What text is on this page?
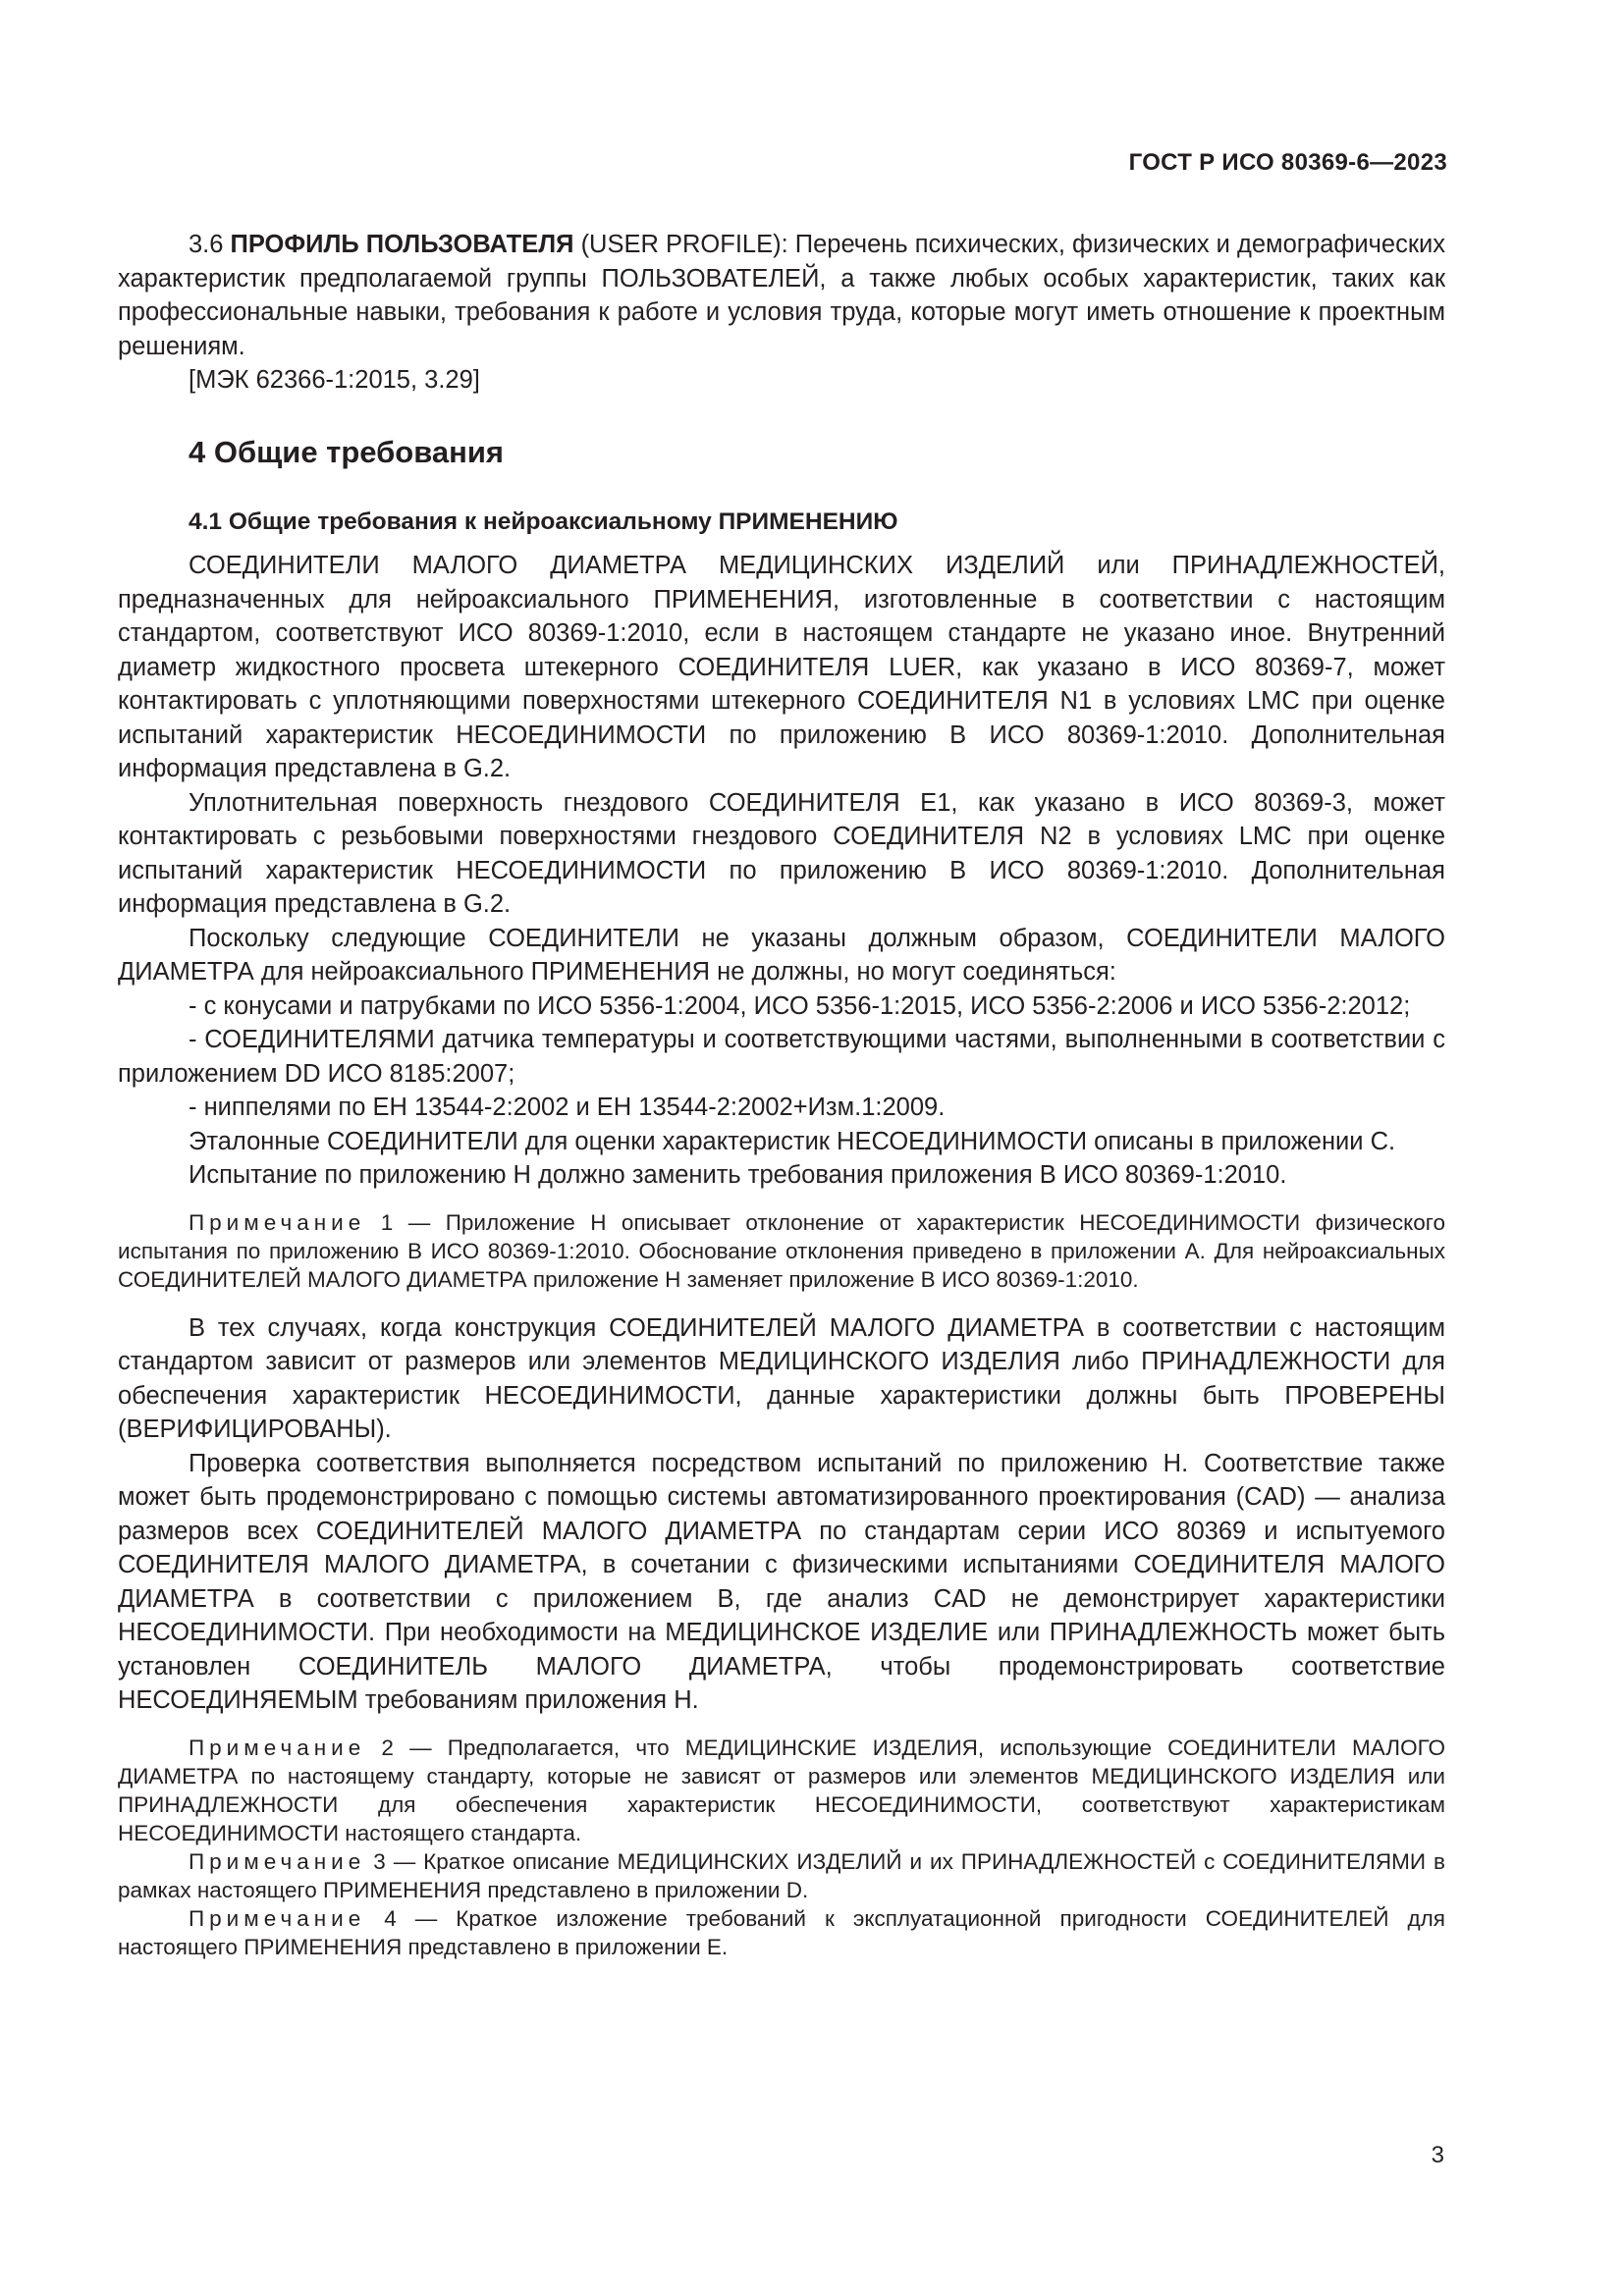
ГОСТ Р ИСО 80369-6—2023

3.6 ПРОФИЛЬ ПОЛЬЗОВАТЕЛЯ (USER PROFILE): Перечень психических, физических и демографических характеристик предполагаемой группы ПОЛЬЗОВАТЕЛЕЙ, а также любых особых характеристик, таких как профессиональные навыки, требования к работе и условия труда, которые могут иметь отношение к проектным решениям.

[МЭК 62366-1:2015, 3.29]

4 Общие требования
4.1 Общие требования к нейроаксиальному ПРИМЕНЕНИЮ

СОЕДИНИТЕЛИ МАЛОГО ДИАМЕТРА МЕДИЦИНСКИХ ИЗДЕЛИЙ или ПРИНАДЛЕЖНОСТЕЙ, предназначенных для нейроаксиального ПРИМЕНЕНИЯ, изготовленные в соответствии с настоящим стандартом, соответствуют ИСО 80369-1:2010, если в настоящем стандарте не указано иное. Внутренний диаметр жидкостного просвета штекерного СОЕДИНИТЕЛЯ LUER, как указано в ИСО 80369-7, может контактировать с уплотняющими поверхностями штекерного СОЕДИНИТЕЛЯ N1 в условиях LMC при оценке испытаний характеристик НЕСОЕДИНИМОСТИ по приложению В ИСО 80369-1:2010. Дополнительная информация представлена в G.2.

Уплотнительная поверхность гнездового СОЕДИНИТЕЛЯ E1, как указано в ИСО 80369-3, может контактировать с резьбовыми поверхностями гнездового СОЕДИНИТЕЛЯ N2 в условиях LMC при оценке испытаний характеристик НЕСОЕДИНИМОСТИ по приложению В ИСО 80369-1:2010. Дополнительная информация представлена в G.2.

Поскольку следующие СОЕДИНИТЕЛИ не указаны должным образом, СОЕДИНИТЕЛИ МАЛОГО ДИАМЕТРА для нейроаксиального ПРИМЕНЕНИЯ не должны, но могут соединяться:

- с конусами и патрубками по ИСО 5356-1:2004, ИСО 5356-1:2015, ИСО 5356-2:2006 и ИСО 5356-2:2012;

- СОЕДИНИТЕЛЯМИ датчика температуры и соответствующими частями, выполненными в соответствии с приложением DD ИСО 8185:2007;

- ниппелями по ЕН 13544-2:2002 и ЕН 13544-2:2002+Изм.1:2009.

Эталонные СОЕДИНИТЕЛИ для оценки характеристик НЕСОЕДИНИМОСТИ описаны в приложении С.

Испытание по приложению Н должно заменить требования приложения В ИСО 80369-1:2010.

Примечание 1 — Приложение Н описывает отклонение от характеристик НЕСОЕДИНИМОСТИ физического испытания по приложению В ИСО 80369-1:2010. Обоснование отклонения приведено в приложении А. Для нейроаксиальных СОЕДИНИТЕЛЕЙ МАЛОГО ДИАМЕТРА приложение Н заменяет приложение В ИСО 80369-1:2010.

В тех случаях, когда конструкция СОЕДИНИТЕЛЕЙ МАЛОГО ДИАМЕТРА в соответствии с настоящим стандартом зависит от размеров или элементов МЕДИЦИНСКОГО ИЗДЕЛИЯ либо ПРИНАДЛЕЖНОСТИ для обеспечения характеристик НЕСОЕДИНИМОСТИ, данные характеристики должны быть ПРОВЕРЕНЫ (ВЕРИФИЦИРОВАНЫ).

Проверка соответствия выполняется посредством испытаний по приложению Н. Соответствие также может быть продемонстрировано с помощью системы автоматизированного проектирования (CAD) — анализа размеров всех СОЕДИНИТЕЛЕЙ МАЛОГО ДИАМЕТРА по стандартам серии ИСО 80369 и испытуемого СОЕДИНИТЕЛЯ МАЛОГО ДИАМЕТРА, в сочетании с физическими испытаниями СОЕДИНИТЕЛЯ МАЛОГО ДИАМЕТРА в соответствии с приложением В, где анализ CAD не демонстрирует характеристики НЕСОЕДИНИМОСТИ. При необходимости на МЕДИЦИНСКОЕ ИЗДЕЛИЕ или ПРИНАДЛЕЖНОСТЬ может быть установлен СОЕДИНИТЕЛЬ МАЛОГО ДИАМЕТРА, чтобы продемонстрировать соответствие НЕСОЕДИНЯЕМЫМ требованиям приложения Н.

Примечание 2 — Предполагается, что МЕДИЦИНСКИЕ ИЗДЕЛИЯ, использующие СОЕДИНИТЕЛИ МАЛОГО ДИАМЕТРА по настоящему стандарту, которые не зависят от размеров или элементов МЕДИЦИНСКОГО ИЗДЕЛИЯ или ПРИНАДЛЕЖНОСТИ для обеспечения характеристик НЕСОЕДИНИМОСТИ, соответствуют характеристикам НЕСОЕДИНИМОСТИ настоящего стандарта.

Примечание 3 — Краткое описание МЕДИЦИНСКИХ ИЗДЕЛИЙ и их ПРИНАДЛЕЖНОСТЕЙ с СОЕДИНИТЕЛЯМИ в рамках настоящего ПРИМЕНЕНИЯ представлено в приложении D.

Примечание 4 — Краткое изложение требований к эксплуатационной пригодности СОЕДИНИТЕЛЕЙ для настоящего ПРИМЕНЕНИЯ представлено в приложении Е.

3
